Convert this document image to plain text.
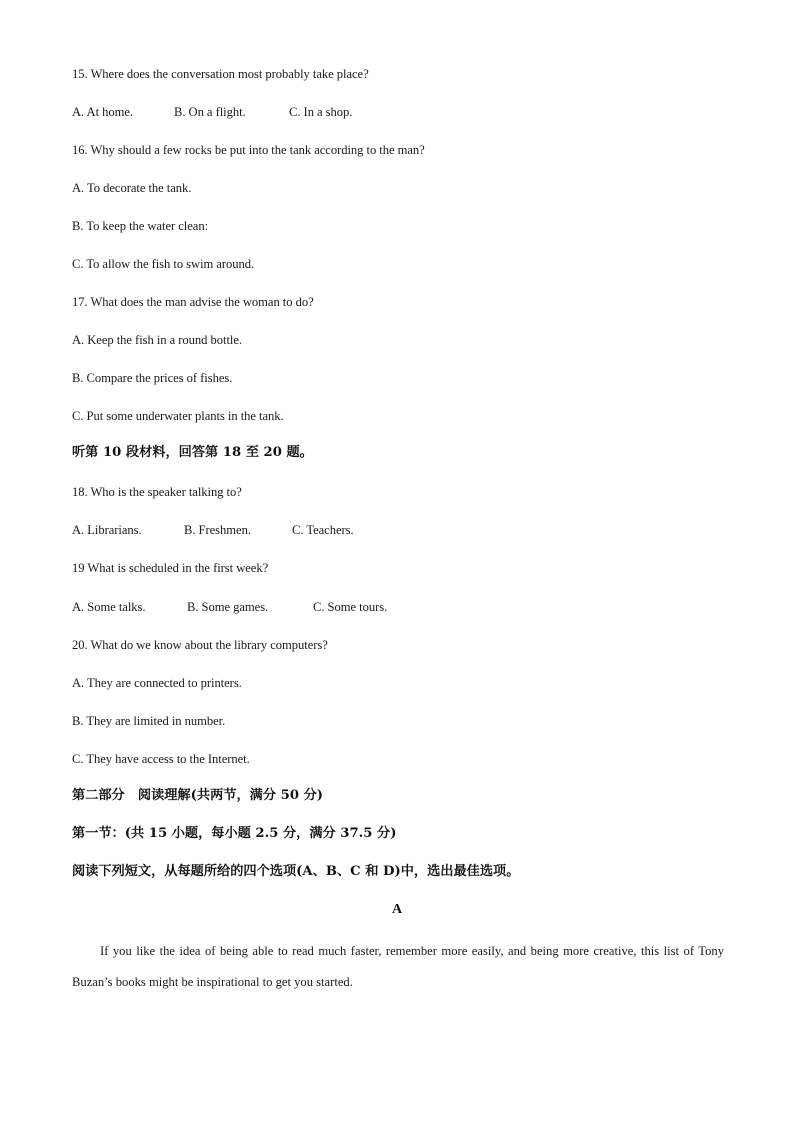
15. Where does the conversation most probably take place?
A. At home.	B. On a flight.	C. In a shop.
16. Why should a few rocks be put into the tank according to the man?
A. To decorate the tank.
B. To keep the water clean:
C. To allow the fish to swim around.
17. What does the man advise the woman to do?
A. Keep the fish in a round bottle.
B. Compare the prices of fishes.
C. Put some underwater plants in the tank.
听第 10 段材料，回答第 18 至 20 题。
18. Who is the speaker talking to?
A. Librarians.	B. Freshmen.	C. Teachers.
19 What is scheduled in the first week?
A. Some talks.	B. Some games.	C. Some tours.
20. What do we know about the library computers?
A. They are connected to printers.
B. They are limited in number.
C. They have access to the Internet.
第二部分　阅读理解(共两节，满分 50 分)
第一节：(共 15 小题，每小题 2.5 分，满分 37.5 分)
阅读下列短文，从每题所给的四个选项(A、B、C 和 D)中，选出最佳选项。
A

If you like the idea of being able to read much faster, remember more easily, and being more creative, this list of Tony Buzan’s books might be inspirational to get you started.
